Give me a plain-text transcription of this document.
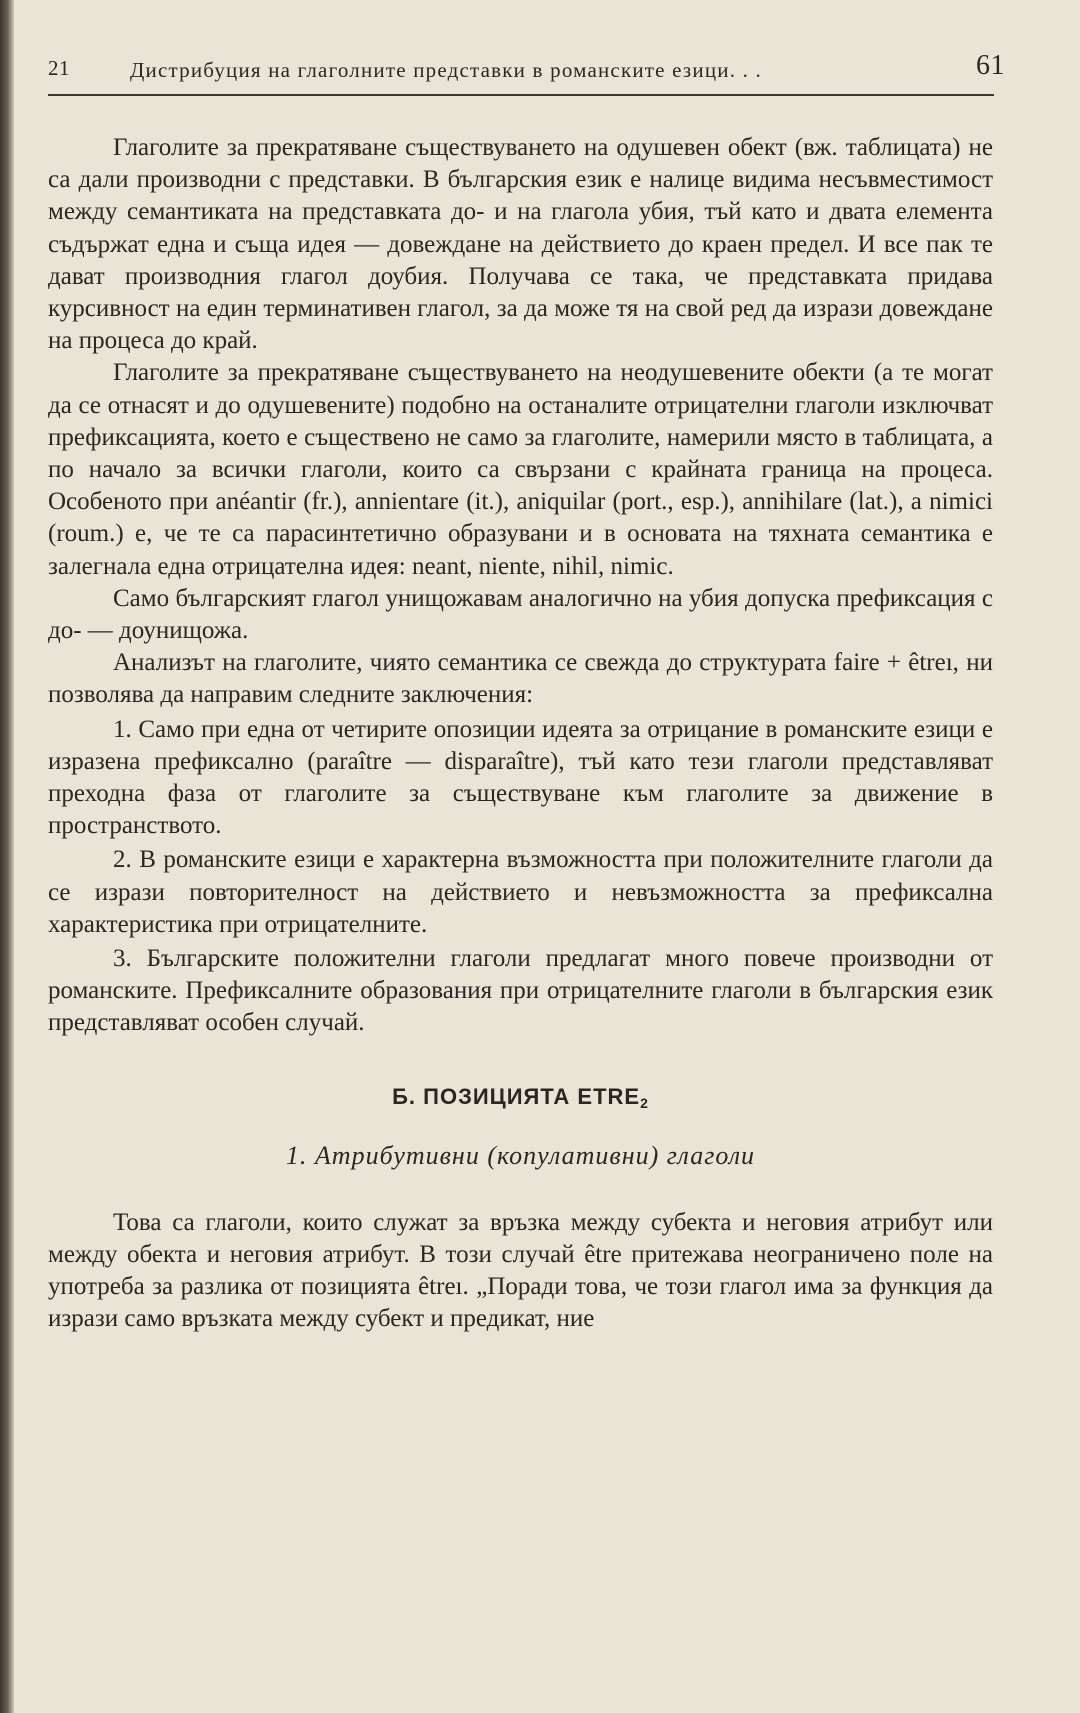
21	Дистрибуция на глаголните представки в романските езици. . .	61

Глаголите за прекратяване съществуването на одушевен обект (вж. таблицата) не са дали производни с представки. В българския език е налице видима несъвместимост между семантиката на представката до- и на глагола убия, тъй като и двата елемента съдържат една и съща идея — довеждане на действието до краен предел. И все пак те дават производния глагол доубия. Получава се така, че представката придава курсивност на един терминативен глагол, за да може тя на свой ред да изрази довеждане на процеса до край.

Глаголите за прекратяване съществуването на неодушевените обекти (а те могат да се отнасят и до одушевените) подобно на останалите отрицателни глаголи изключват префиксацията, което е съществено не само за глаголите, намерили място в таблицата, а по начало за всички глаголи, които са свързани с крайната граница на процеса. Особеното при anéantir (fr.), annientare (it.), aniquilar (port., esp.), annihilare (lat.), a nimici (roum.) е, че те са парасинтетично образувани и в основата на тяхната семантика е залегнала една отрицателна идея: neant, niente, nihil, nimic.

Само българският глагол унищожавам аналогично на убия допуска префиксация с до- — доунищожа.

Анализът на глаголите, чиято семантика се свежда до структурата faire + êtreı, ни позволява да направим следните заключения:

1. Само при една от четирите опозиции идеята за отрицание в романските езици е изразена префиксално (paraître — disparaître), тъй като тези глаголи представляват преходна фаза от глаголите за съществуване към глаголите за движение в пространството.

2. В романските езици е характерна възможността при положителните глаголи да се изрази повторителност на действието и невъзможността за префиксална характеристика при отрицателните.

3. Българските положителни глаголи предлагат много повече производни от романските. Префиксалните образования при отрицателните глаголи в българския език представляват особен случай.

Б. ПОЗИЦИЯТА $ETRE_2$
1. Атрибутивни (копулативни) глаголи

Това са глаголи, които служат за връзка между субекта и неговия атрибут или между обекта и неговия атрибут. В този случай être притежава неограничено поле на употреба за разлика от позицията êtreı. „Поради това, че този глагол има за функция да изрази само връзката между субект и предикат, ние
